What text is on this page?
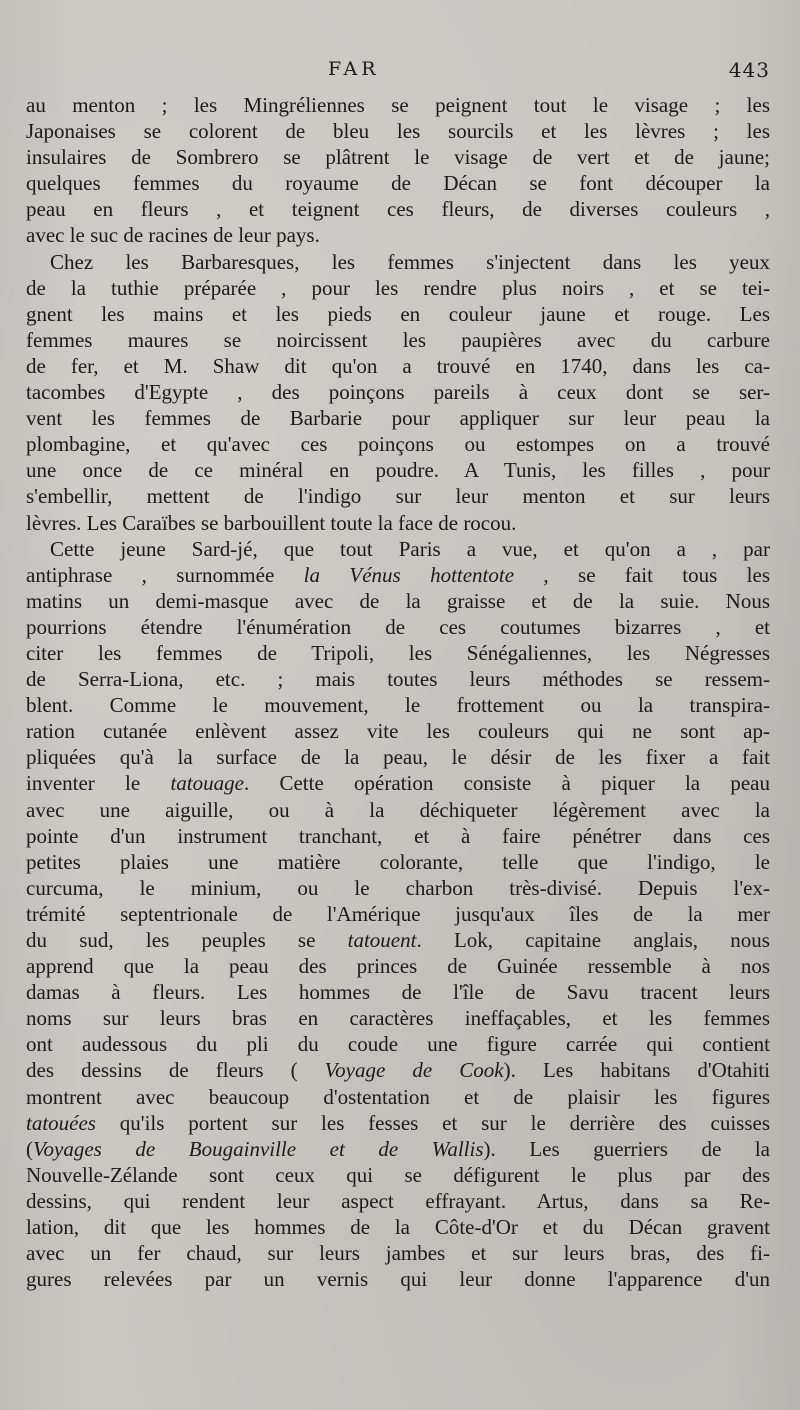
FAR	443
au menton ; les Mingréliennes se peignent tout le visage ; les
Japonaises se colorent de bleu les sourcils et les lèvres ; les
insulaires de Sombrero se plâtrent le visage de vert et de jaune;
quelques femmes du royaume de Décan se font découper la
peau en fleurs , et teignent ces fleurs, de diverses couleurs ,
avec le suc de racines de leur pays.
Chez les Barbaresques, les femmes s'injectent dans les yeux
de la tuthie préparée , pour les rendre plus noirs , et se tei-
gnent les mains et les pieds en couleur jaune et rouge. Les
femmes maures se noircissent les paupières avec du carbure
de fer, et M. Shaw dit qu'on a trouvé en 1740, dans les ca-
tacombes d'Egypte , des poinçons pareils à ceux dont se ser-
vent les femmes de Barbarie pour appliquer sur leur peau la
plombagine, et qu'avec ces poinçons ou estompes on a trouvé
une once de ce minéral en poudre. A Tunis, les filles , pour
s'embellir, mettent de l'indigo sur leur menton et sur leurs
lèvres. Les Caraïbes se barbouillent toute la face de rocou.
Cette jeune Sard-jé, que tout Paris a vue, et qu'on a , par
antiphrase , surnommée la Vénus hottentote , se fait tous les
matins un demi-masque avec de la graisse et de la suie. Nous
pourrions étendre l'énumération de ces coutumes bizarres , et
citer les femmes de Tripoli, les Sénégaliennes, les Négresses
de Serra-Liona, etc. ; mais toutes leurs méthodes se ressem-
blent. Comme le mouvement, le frottement ou la transpira-
ration cutanée enlèvent assez vite les couleurs qui ne sont ap-
pliquées qu'à la surface de la peau, le désir de les fixer a fait
inventer le tatouage. Cette opération consiste à piquer la peau
avec une aiguille, ou à la déchiqueter légèrement avec la
pointe d'un instrument tranchant, et à faire pénétrer dans ces
petites plaies une matière colorante, telle que l'indigo, le
curcuma, le minium, ou le charbon très-divisé. Depuis l'ex-
trémité septentrionale de l'Amérique jusqu'aux îles de la mer
du sud, les peuples se tatouent. Lok, capitaine anglais, nous
apprend que la peau des princes de Guinée ressemble à nos
damas à fleurs. Les hommes de l'île de Savu tracent leurs
noms sur leurs bras en caractères ineffaçables, et les femmes
ont audessous du pli du coude une figure carrée qui contient
des dessins de fleurs ( Voyage de Cook). Les habitans d'Otahiti
montrent avec beaucoup d'ostentation et de plaisir les figures
tatouées qu'ils portent sur les fesses et sur le derrière des cuisses
(Voyages de Bougainville et de Wallis). Les guerriers de la
Nouvelle-Zélande sont ceux qui se défigurent le plus par des
dessins, qui rendent leur aspect effrayant. Artus, dans sa Re-
lation, dit que les hommes de la Côte-d'Or et du Décan gravent
avec un fer chaud, sur leurs jambes et sur leurs bras, des fi-
gures relevées par un vernis qui leur donne l'apparence d'un
